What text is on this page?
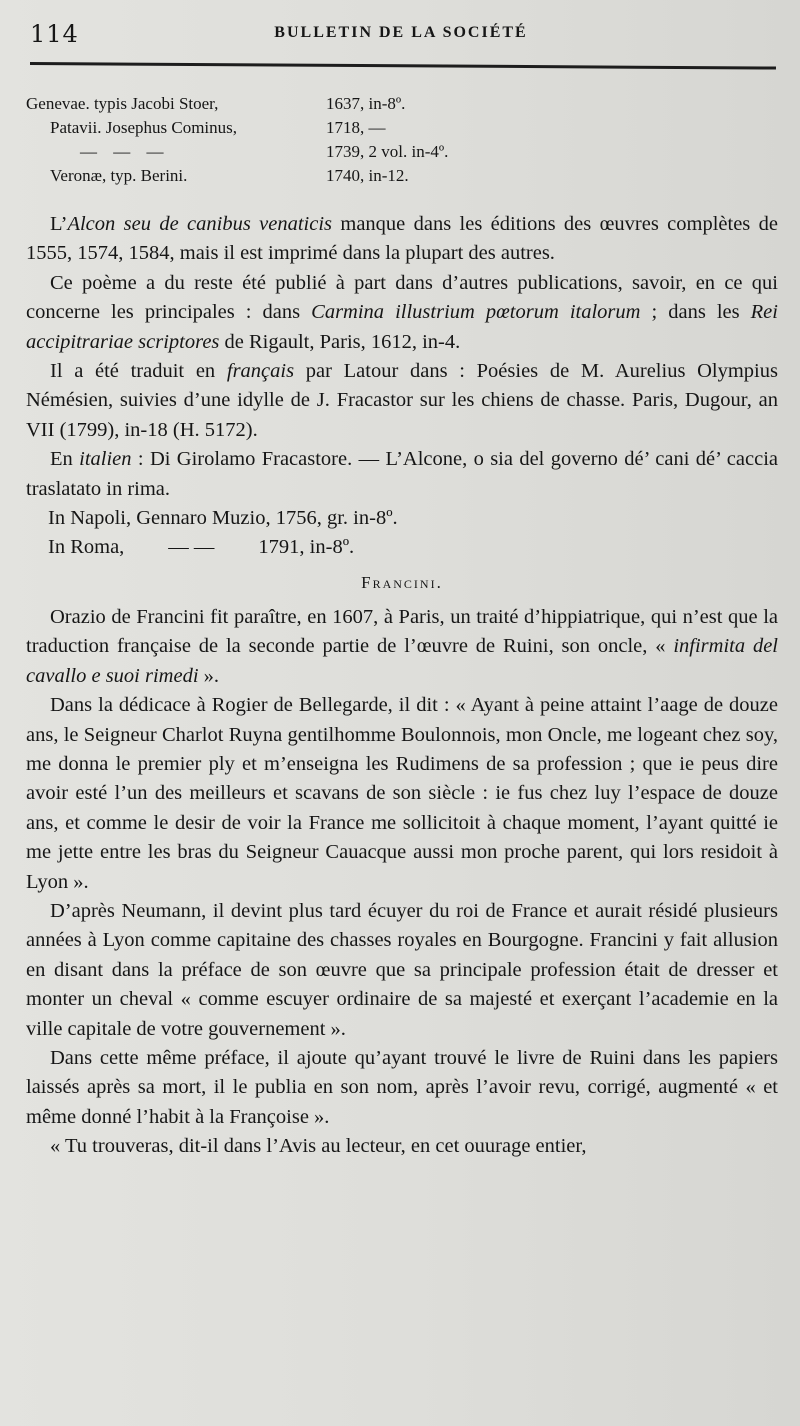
114	BULLETIN DE LA SOCIÉTÉ
Genevae. typis Jacobi Stoer,	1637, in-8º.
Patavii. Josephus Cominus,	1718, —
— — —	1739, 2 vol. in-4º.
Veronæ, typ. Berini.	1740, in-12.

L’Alcon seu de canibus venaticis manque dans les éditions des œuvres complètes de 1555, 1574, 1584, mais il est imprimé dans la plupart des autres.

Ce poème a du reste été publié à part dans d’autres publications, savoir, en ce qui concerne les principales : dans Carmina illustrium pœtorum italorum ; dans les Rei accipitrariae scriptores de Rigault, Paris, 1612, in-4.

Il a été traduit en français par Latour dans : Poésies de M. Aurelius Olympius Némésien, suivies d’une idylle de J. Fracastor sur les chiens de chasse. Paris, Dugour, an VII (1799), in-18 (H. 5172).

En italien : Di Girolamo Fracastore. — L’Alcone, o sia del governo dé’ cani dé’ caccia traslatato in rima.

In Napoli, Gennaro Muzio, 1756, gr. in-8º.

In Roma, — — 1791, in-8º.

Francini.

Orazio de Francini fit paraître, en 1607, à Paris, un traité d’hippiatrique, qui n’est que la traduction française de la seconde partie de l’œuvre de Ruini, son oncle, « infirmita del cavallo e suoi rimedi ».

Dans la dédicace à Rogier de Bellegarde, il dit : « Ayant à peine attaint l’aage de douze ans, le Seigneur Charlot Ruyna gentilhomme Boulonnois, mon Oncle, me logeant chez soy, me donna le premier ply et m’enseigna les Rudimens de sa profession ; que ie peus dire avoir esté l’un des meilleurs et scavans de son siècle : ie fus chez luy l’espace de douze ans, et comme le desir de voir la France me sollicitoit à chaque moment, l’ayant quitté ie me jette entre les bras du Seigneur Cauacque aussi mon proche parent, qui lors residoit à Lyon ».

D’après Neumann, il devint plus tard écuyer du roi de France et aurait résidé plusieurs années à Lyon comme capitaine des chasses royales en Bourgogne. Francini y fait allusion en disant dans la préface de son œuvre que sa principale profession était de dresser et monter un cheval « comme escuyer ordinaire de sa majesté et exerçant l’academie en la ville capitale de votre gouvernement ».

Dans cette même préface, il ajoute qu’ayant trouvé le livre de Ruini dans les papiers laissés après sa mort, il le publia en son nom, après l’avoir revu, corrigé, augmenté « et même donné l’habit à la Françoise ».

« Tu trouveras, dit-il dans l’Avis au lecteur, en cet ouurage entier,
